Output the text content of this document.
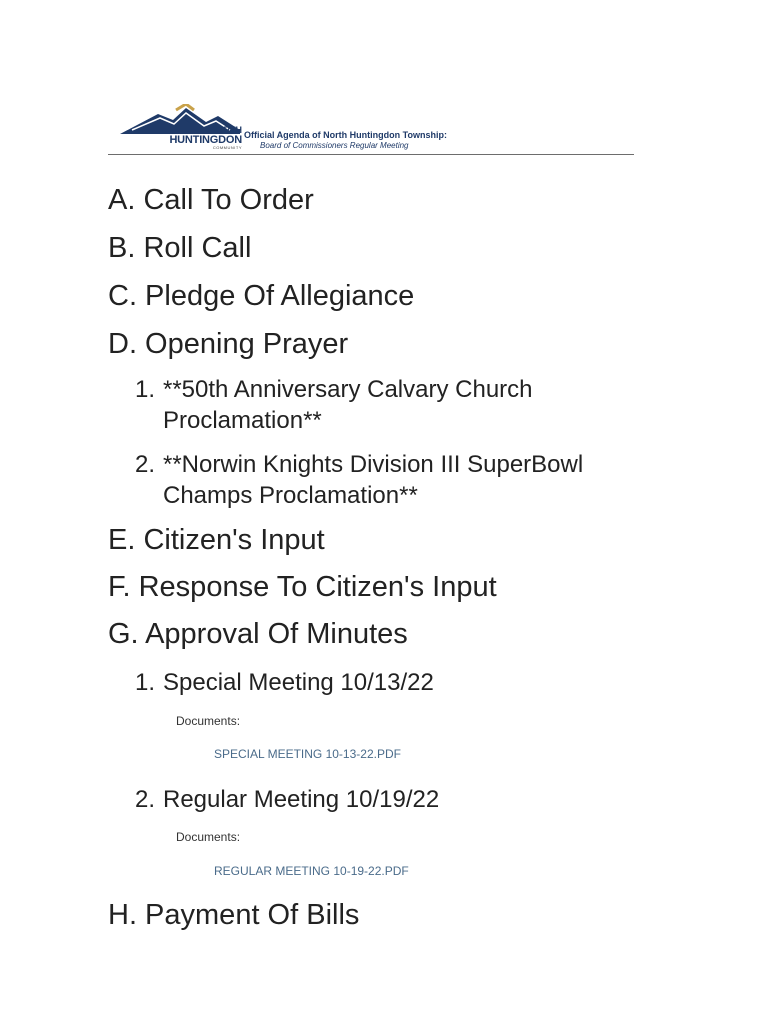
NORTH
HUNTINGDON
COMMUNITY
Official Agenda of North Huntingdon Township:
Board of Commissioners Regular Meeting
A. Call To Order
B. Roll Call
C. Pledge Of Allegiance
D. Opening Prayer
1. **50th Anniversary Calvary Church
Proclamation**
2. **Norwin Knights Division III SuperBowl
Champs Proclamation**
E. Citizen's Input
F. Response To Citizen's Input
G. Approval Of Minutes
1. Special Meeting 10/13/22
Documents:
SPECIAL MEETING 10-13-22.PDF
2. Regular Meeting 10/19/22
Documents:
REGULAR MEETING 10-19-22.PDF
H. Payment Of Bills
